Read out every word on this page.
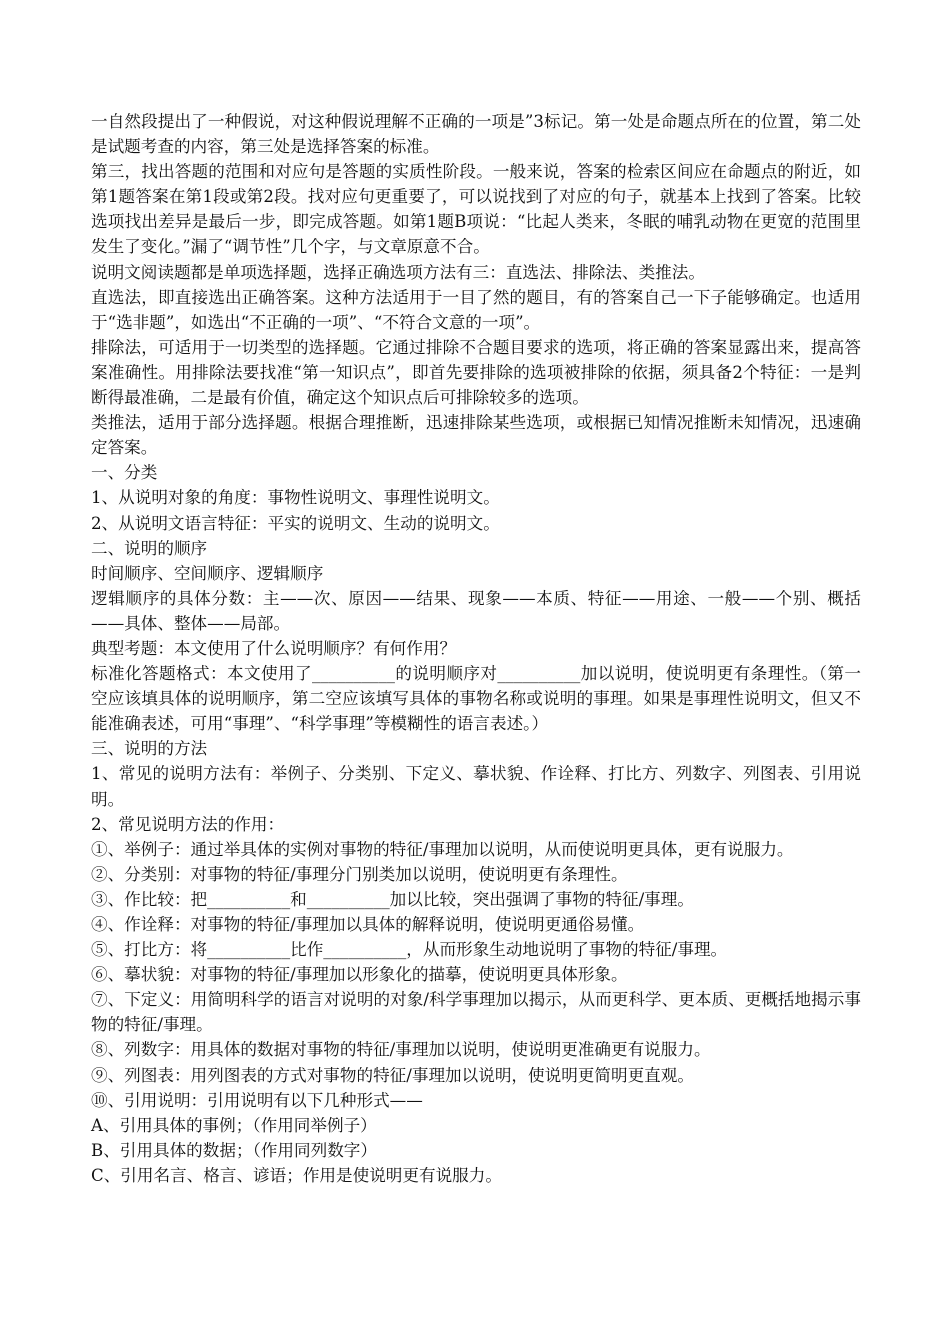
一自然段提出了一种假说，对这种假说理解不正确的一项是”3标记。第一处是命题点所在的位置，第二处是试题考查的内容，第三处是选择答案的标准。

第三，找出答题的范围和对应句是答题的实质性阶段。一般来说，答案的检索区间应在命题点的附近，如第1题答案在第1段或第2段。找对应句更重要了，可以说找到了对应的句子，就基本上找到了答案。比较选项找出差异是最后一步，即完成答题。如第1题B项说：“比起人类来，冬眠的哺乳动物在更宽的范围里发生了变化。”漏了“调节性”几个字，与文章原意不合。

说明文阅读题都是单项选择题，选择正确选项方法有三：直选法、排除法、类推法。

直选法，即直接选出正确答案。这种方法适用于一目了然的题目，有的答案自己一下子能够确定。也适用于“选非题”，如选出“不正确的一项”、“不符合文意的一项”。

排除法，可适用于一切类型的选择题。它通过排除不合题目要求的选项，将正确的答案显露出来，提高答案准确性。用排除法要找准“第一知识点”，即首先要排除的选项被排除的依据，须具备2个特征：一是判断得最准确，二是最有价值，确定这个知识点后可排除较多的选项。

类推法，适用于部分选择题。根据合理推断，迅速排除某些选项，或根据已知情况推断未知情况，迅速确定答案。

一、分类

1、从说明对象的角度：事物性说明文、事理性说明文。

2、从说明文语言特征：平实的说明文、生动的说明文。

二、说明的顺序

时间顺序、空间顺序、逻辑顺序

逻辑顺序的具体分数：主——次、原因——结果、现象——本质、特征——用途、一般——个别、概括——具体、整体——局部。

典型考题：本文使用了什么说明顺序？有何作用？

标准化答题格式：本文使用了__________的说明顺序对__________加以说明，使说明更有条理性。（第一空应该填具体的说明顺序，第二空应该填写具体的事物名称或说明的事理。如果是事理性说明文，但又不能准确表述，可用“事理”、“科学事理”等模糊性的语言表述。）

三、说明的方法

1、常见的说明方法有：举例子、分类别、下定义、摹状貌、作诠释、打比方、列数字、列图表、引用说明。

2、常见说明方法的作用：

①、举例子：通过举具体的实例对事物的特征/事理加以说明，从而使说明更具体，更有说服力。

②、分类别：对事物的特征/事理分门别类加以说明，使说明更有条理性。

③、作比较：把__________和__________加以比较，突出强调了事物的特征/事理。

④、作诠释：对事物的特征/事理加以具体的解释说明，使说明更通俗易懂。

⑤、打比方：将__________比作__________，从而形象生动地说明了事物的特征/事理。

⑥、摹状貌：对事物的特征/事理加以形象化的描摹，使说明更具体形象。

⑦、下定义：用简明科学的语言对说明的对象/科学事理加以揭示，从而更科学、更本质、更概括地揭示事物的特征/事理。

⑧、列数字：用具体的数据对事物的特征/事理加以说明，使说明更准确更有说服力。

⑨、列图表：用列图表的方式对事物的特征/事理加以说明，使说明更简明更直观。

⑩、引用说明：引用说明有以下几种形式——

A、引用具体的事例；（作用同举例子）

B、引用具体的数据；（作用同列数字）

C、引用名言、格言、谚语；作用是使说明更有说服力。
